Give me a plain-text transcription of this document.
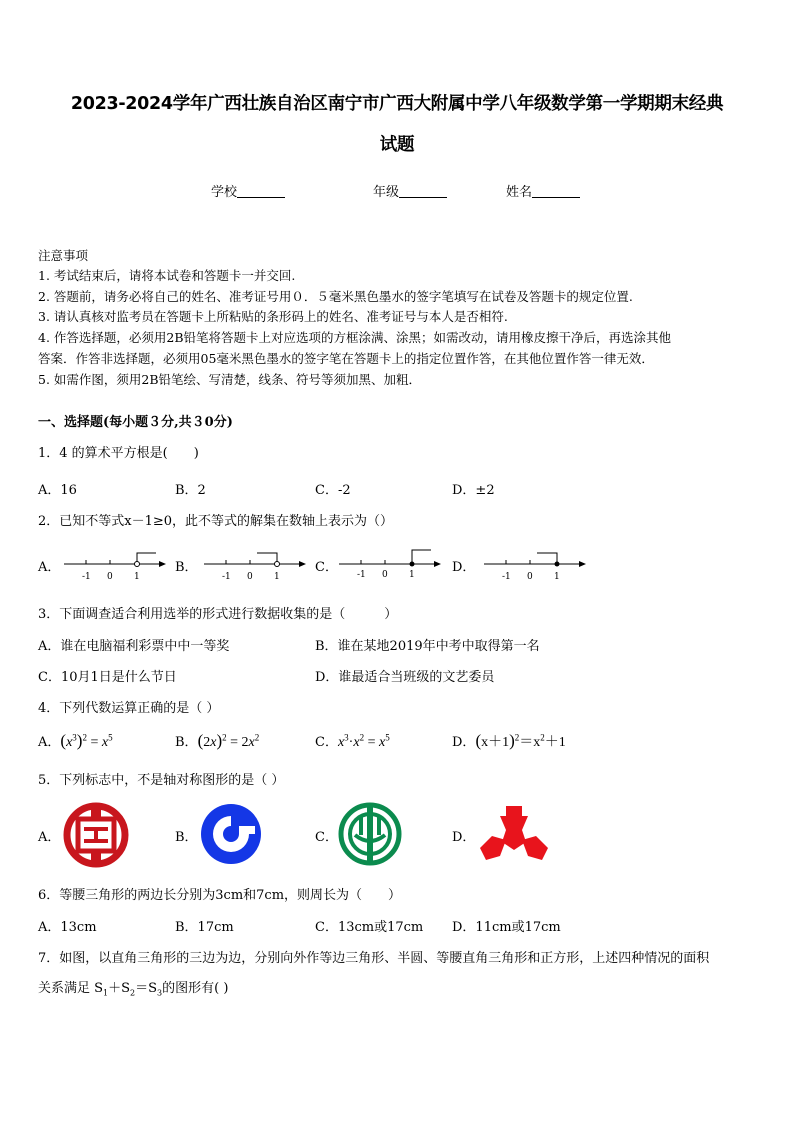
2023-2024学年广西壮族自治区南宁市广西大附属中学八年级数学第一学期期末经典
试题
学校	年级	姓名
注意事项
1. 考试结束后，请将本试卷和答题卡一并交回.
2. 答题前，请务必将自己的姓名、准考证号用０．５毫米黑色墨水的签字笔填写在试卷及答题卡的规定位置.
3. 请认真核对监考员在答题卡上所粘贴的条形码上的姓名、准考证号与本人是否相符.
4. 作答选择题，必须用2B铅笔将答题卡上对应选项的方框涂满、涂黑；如需改动，请用橡皮擦干净后，再选涂其他
答案．作答非选择题，必须用05毫米黑色墨水的签字笔在答题卡上的指定位置作答，在其他位置作答一律无效．
5. 如需作图，须用2B铅笔绘、写清楚，线条、符号等须加黑、加粗．
一、选择题(每小题３分,共３0分)
1．4 的算术平方根是(　　)
A．16	B．2	C．-2	D．±2
2．已知不等式x－1≥0，此不等式的解集在数轴上表示为（）
A．	B．	C．	D．
-1 0 1	-1 0 1	-1 0 1	-1 0 1
3．下面调查适合利用选举的形式进行数据收集的是（　　　）
A．谁在电脑福利彩票中中一等奖	B．谁在某地2019年中考中取得第一名
C．10月1日是什么节日	D．谁最适合当班级的文艺委员
4．下列代数运算正确的是（ ）
A．$(x^3)^2 = x^5$	B．$(2x)^2 = 2x^2$	C．$x^3\cdot x^2 = x^5$	D．$(x+1)^2=x^2+1$
5．下列标志中，不是轴对称图形的是（ ）
A．	B．	C．	D．
6．等腰三角形的两边长分别为3cm和7cm，则周长为（　　）
A．13cm	B．17cm	C．13cm或17cm D．11cm或17cm
7．如图，以直角三角形的三边为边，分别向外作等边三角形、半圆、等腰直角三角形和正方形，上述四种情况的面积
关系满足 $S_1+S_2=S_3$的图形有( )
